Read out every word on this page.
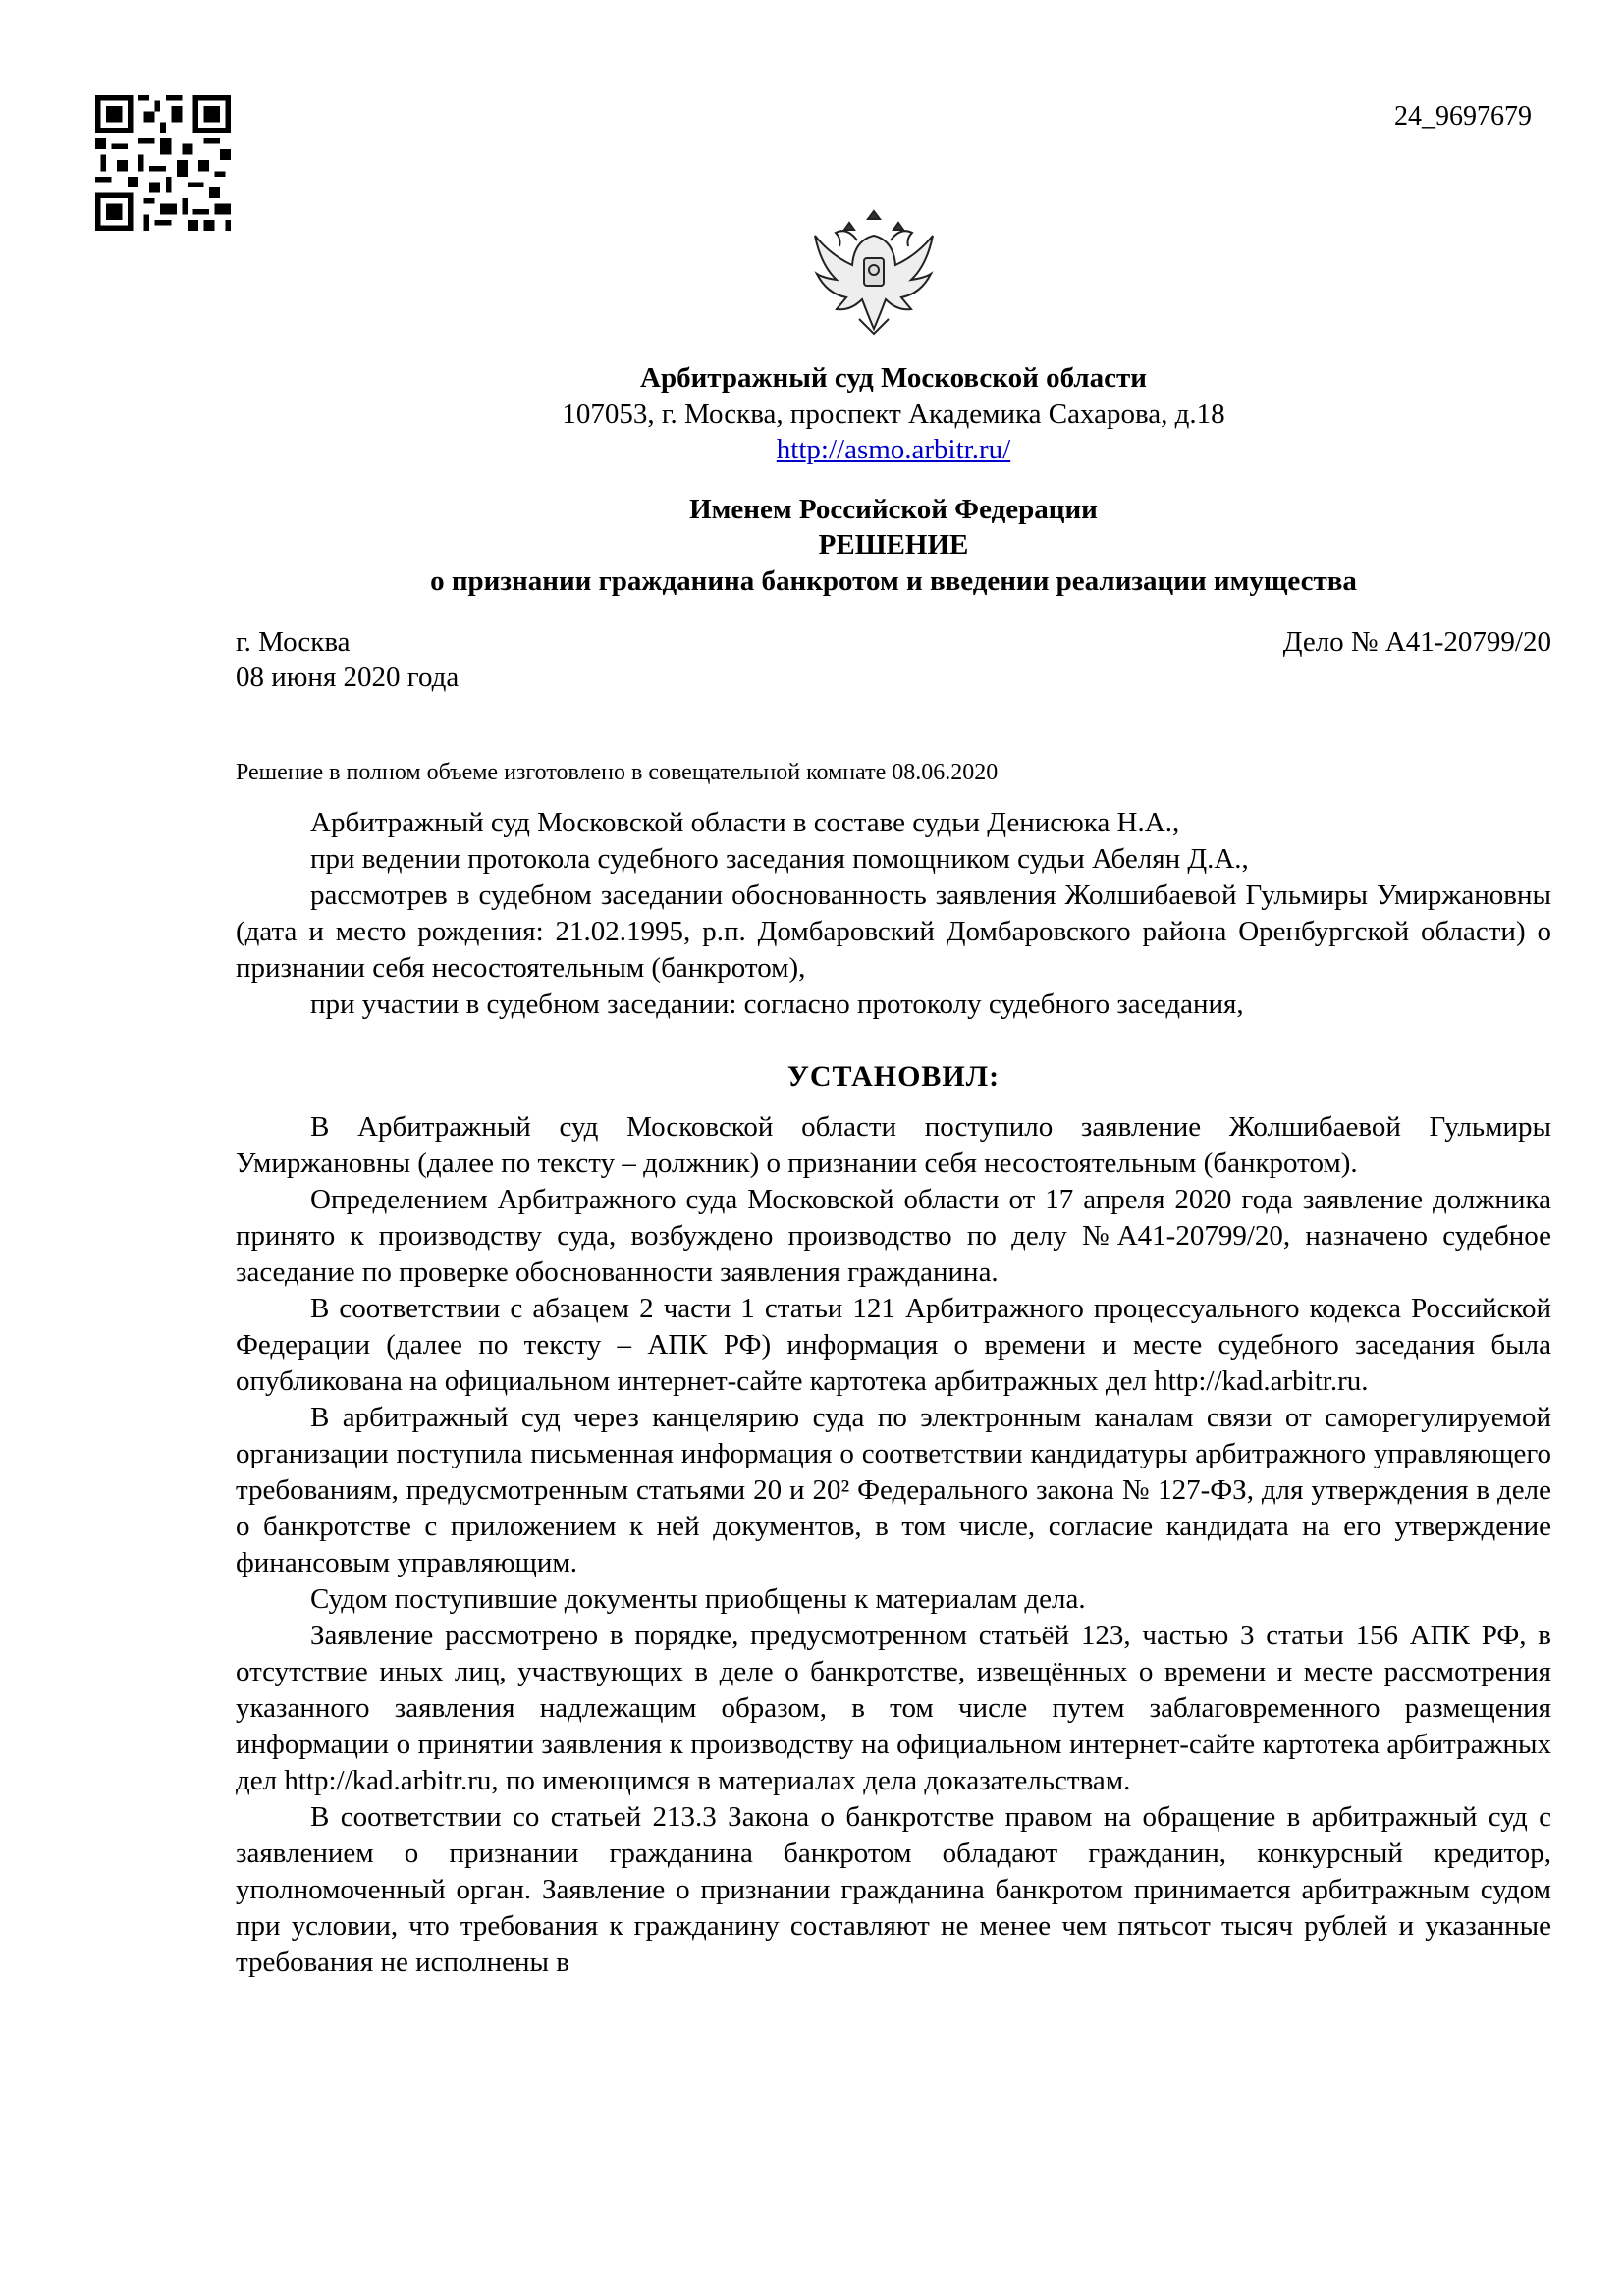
24_9697679
Арбитражный суд Московской области
107053, г. Москва, проспект Академика Сахарова, д.18
http://asmo.arbitr.ru/
Именем Российской Федерации
РЕШЕНИЕ
о признании гражданина банкротом и введении реализации имущества
г. Москва	Дело № А41-20799/20
08 июня 2020 года
Решение в полном объеме изготовлено в совещательной комнате 08.06.2020

Арбитражный суд Московской области в составе судьи Денисюка Н.А.,

при ведении протокола судебного заседания помощником судьи Абелян Д.А.,

рассмотрев в судебном заседании обоснованность заявления Жолшибаевой Гульмиры Умиржановны (дата и место рождения: 21.02.1995, р.п. Домбаровский Домбаровского района Оренбургской области) о признании себя несостоятельным (банкротом),

при участии в судебном заседании: согласно протоколу судебного заседания,

УСТАНОВИЛ:

В Арбитражный суд Московской области поступило заявление Жолшибаевой Гульмиры Умиржановны (далее по тексту – должник) о признании себя несостоятельным (банкротом).

Определением Арбитражного суда Московской области от 17 апреля 2020 года заявление должника принято к производству суда, возбуждено производство по делу №А41-20799/20, назначено судебное заседание по проверке обоснованности заявления гражданина.

В соответствии с абзацем 2 части 1 статьи 121 Арбитражного процессуального кодекса Российской Федерации (далее по тексту – АПК РФ) информация о времени и месте судебного заседания была опубликована на официальном интернет-сайте картотека арбитражных дел http://kad.arbitr.ru.

В арбитражный суд через канцелярию суда по электронным каналам связи от саморегулируемой организации поступила письменная информация о соответствии кандидатуры арбитражного управляющего требованиям, предусмотренным статьями 20 и 20² Федерального закона № 127-ФЗ, для утверждения в деле о банкротстве с приложением к ней документов, в том числе, согласие кандидата на его утверждение финансовым управляющим.

Судом поступившие документы приобщены к материалам дела.

Заявление рассмотрено в порядке, предусмотренном статьёй 123, частью 3 статьи 156 АПК РФ, в отсутствие иных лиц, участвующих в деле о банкротстве, извещённых о времени и месте рассмотрения указанного заявления надлежащим образом, в том числе путем заблаговременного размещения информации о принятии заявления к производству на официальном интернет-сайте картотека арбитражных дел http://kad.arbitr.ru, по имеющимся в материалах дела доказательствам.

В соответствии со статьей 213.3 Закона о банкротстве правом на обращение в арбитражный суд с заявлением о признании гражданина банкротом обладают гражданин, конкурсный кредитор, уполномоченный орган. Заявление о признании гражданина банкротом принимается арбитражным судом при условии, что требования к гражданину составляют не менее чем пятьсот тысяч рублей и указанные требования не исполнены в
